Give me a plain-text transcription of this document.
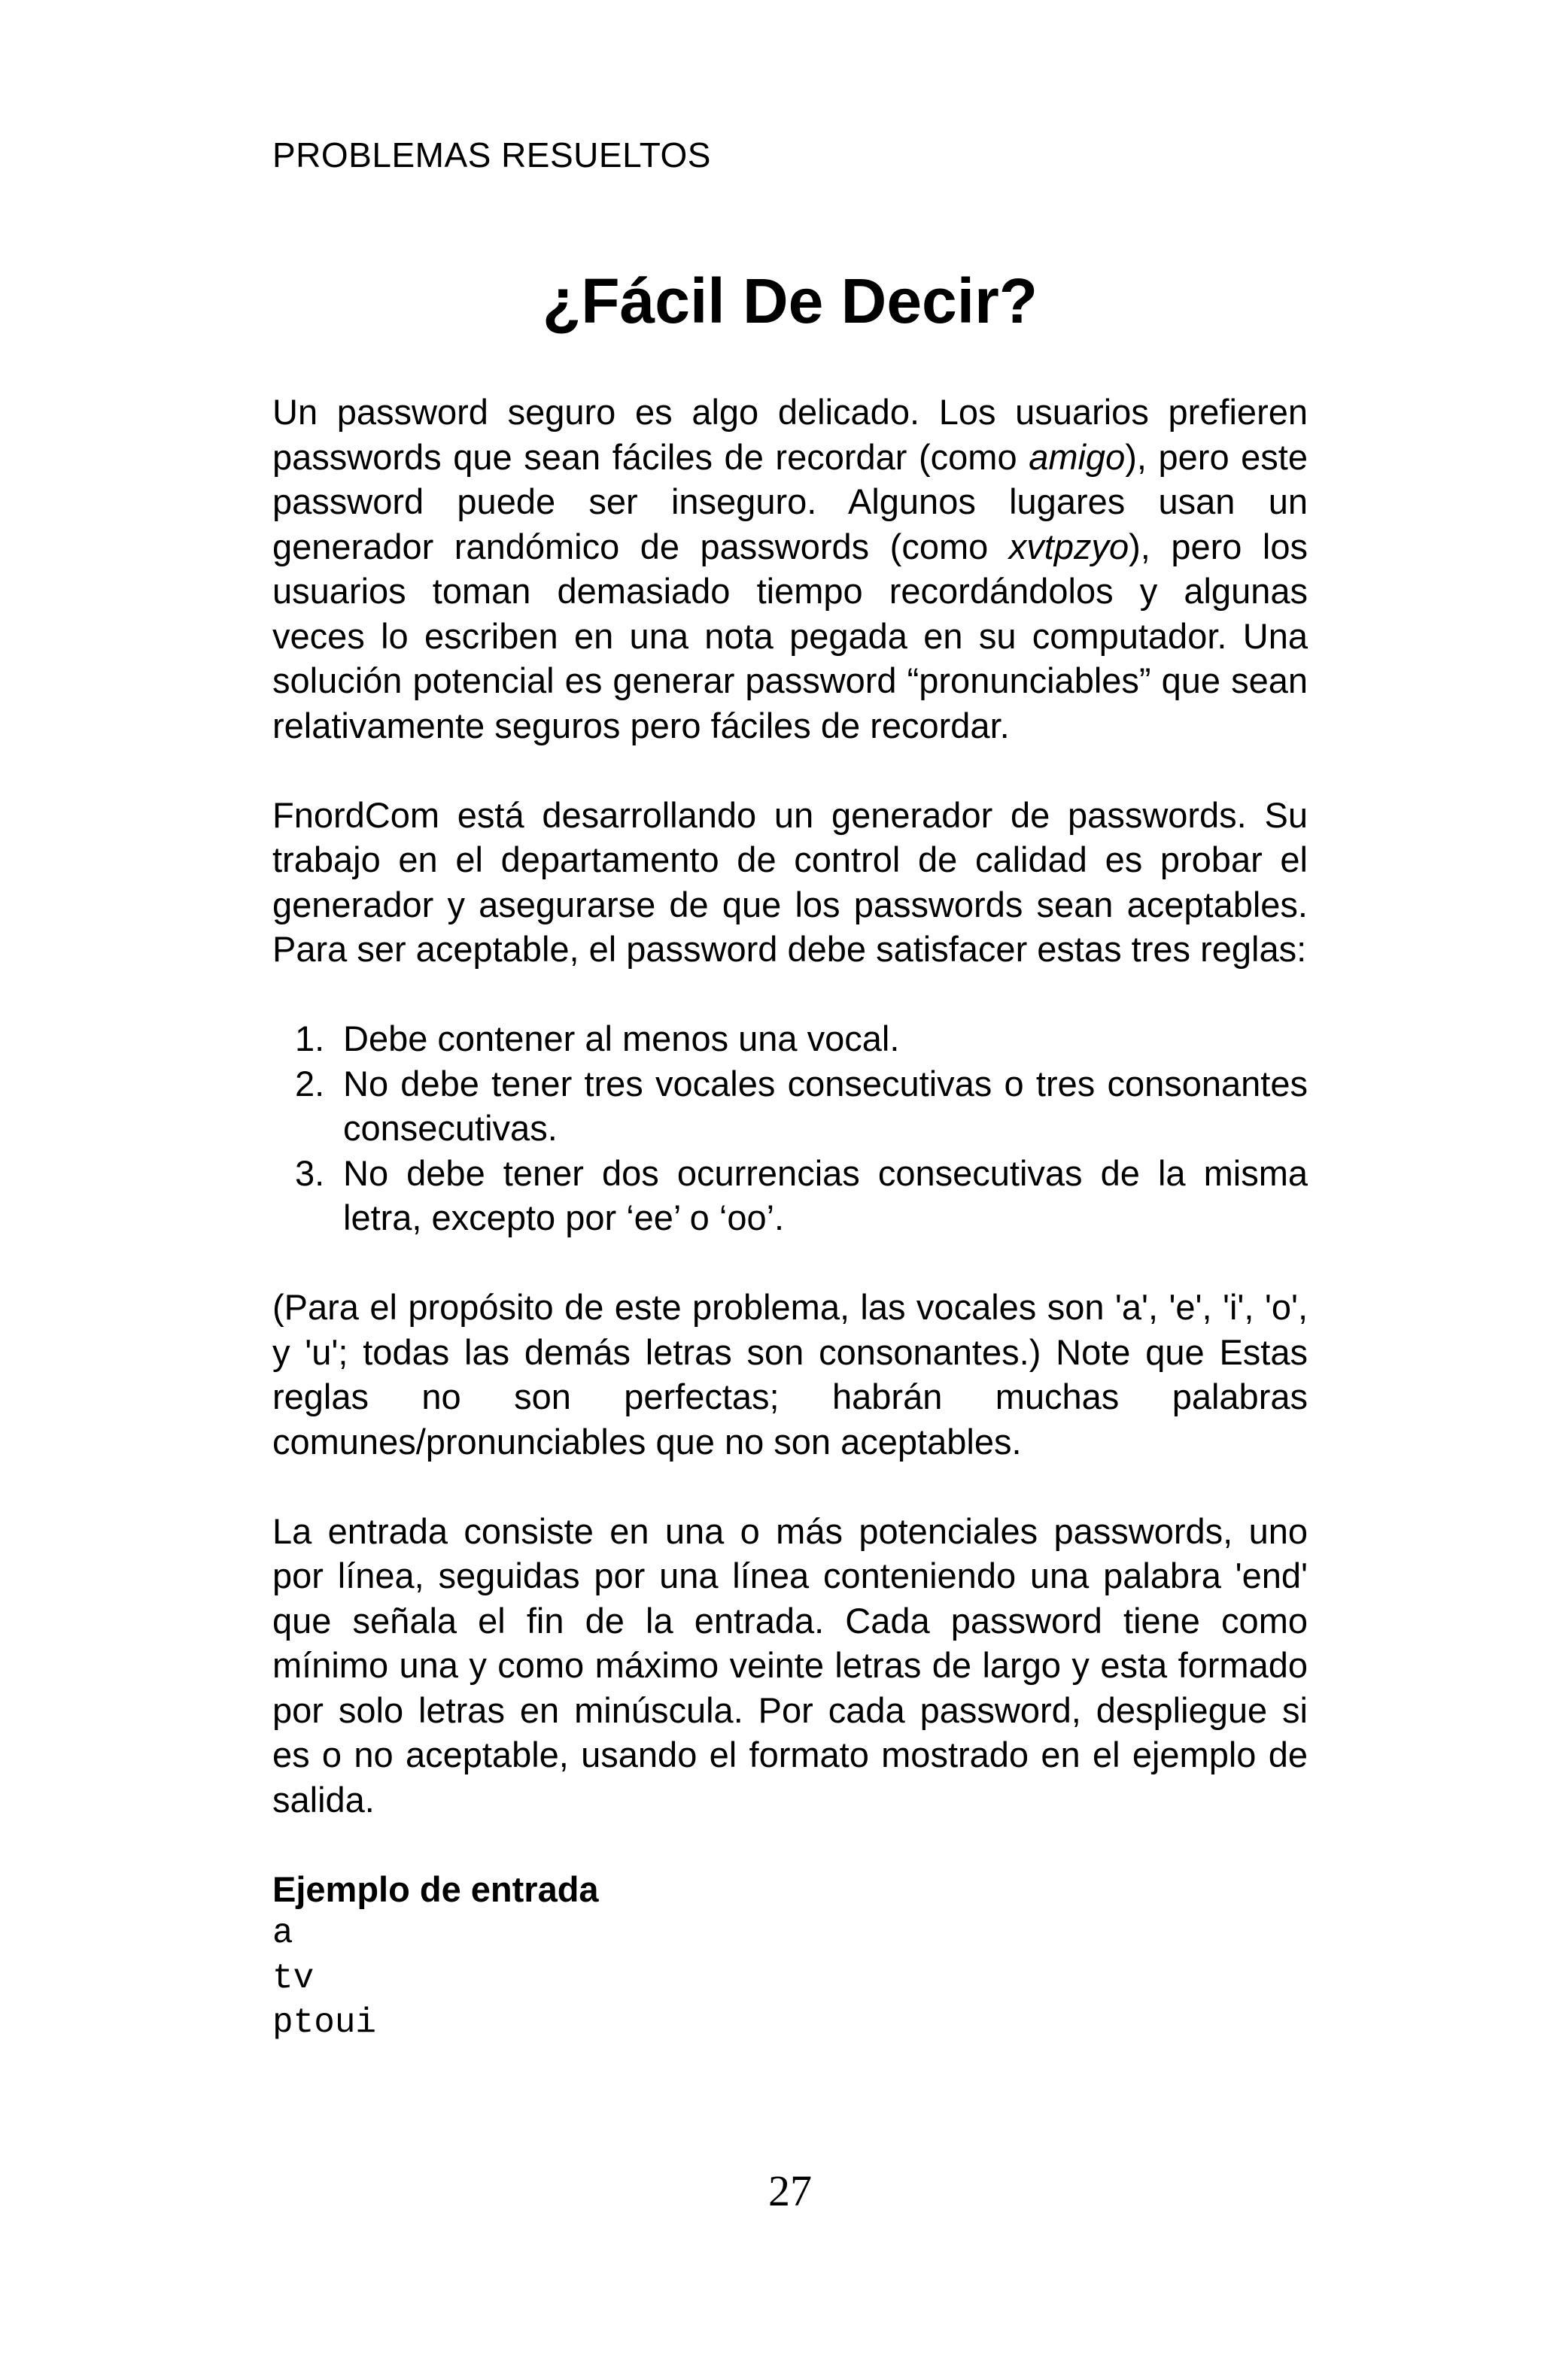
PROBLEMAS RESUELTOS
¿Fácil De Decir?

Un password seguro es algo delicado. Los usuarios prefieren passwords que sean fáciles de recordar (como amigo), pero este password puede ser inseguro. Algunos lugares usan un generador randómico de passwords (como xvtpzyo), pero los usuarios toman demasiado tiempo recordándolos y algunas veces lo escriben en una nota pegada en su computador. Una solución potencial es generar password “pronunciables” que sean relativamente seguros pero fáciles de recordar.

FnordCom está desarrollando un generador de passwords. Su trabajo en el departamento de control de calidad es probar el generador y asegurarse de que los passwords sean aceptables. Para ser aceptable, el password debe satisfacer estas tres reglas:

1. Debe contener al menos una vocal.
2. No debe tener tres vocales consecutivas o tres consonantes consecutivas.
3. No debe tener dos ocurrencias consecutivas de la misma letra, excepto por ‘ee’ o ‘oo’.

(Para el propósito de este problema, las vocales son 'a', 'e', 'i', 'o', y 'u'; todas las demás letras son consonantes.) Note que Estas reglas no son perfectas; habrán muchas palabras comunes/pronunciables que no son aceptables.

La entrada consiste en una o más potenciales passwords, uno por línea, seguidas por una línea conteniendo una palabra 'end' que señala el fin de la entrada. Cada password tiene como mínimo una y como máximo veinte letras de largo y esta formado por solo letras en minúscula. Por cada password, despliegue si es o no aceptable, usando el formato mostrado en el ejemplo de salida.

Ejemplo de entrada
a
tv
ptoui
27
